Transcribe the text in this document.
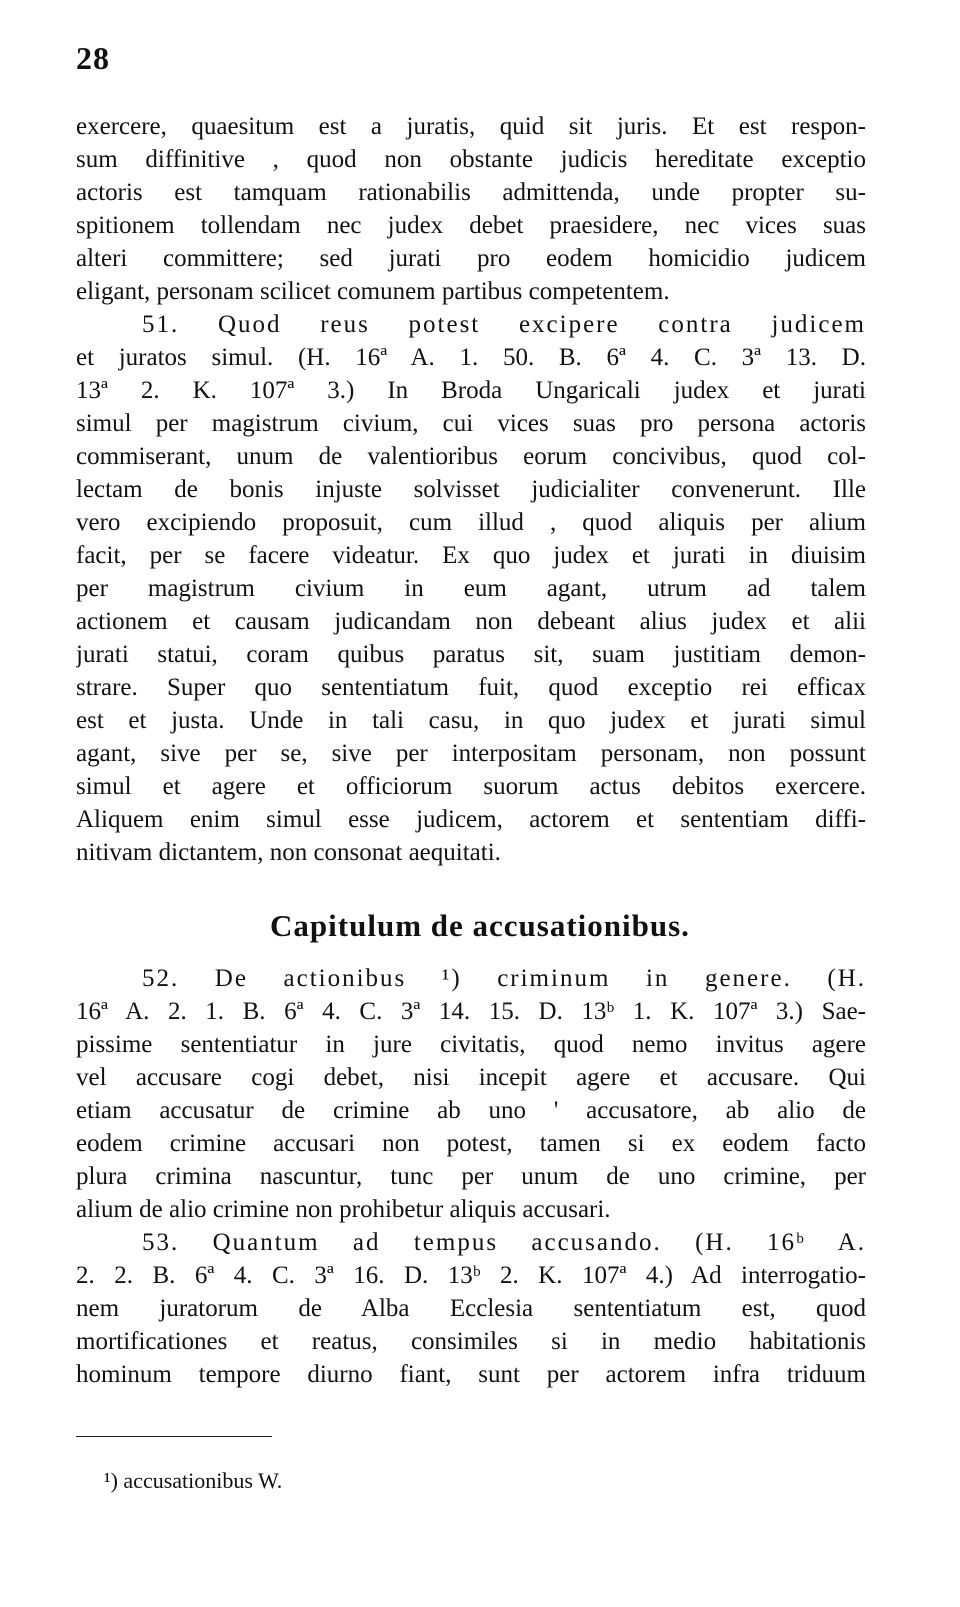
28
exercere, quaesitum est a juratis, quid sit juris. Et est respon-
sum diffinitive , quod non obstante judicis hereditate exceptio
actoris est tamquam rationabilis admittenda, unde propter su-
spitionem tollendam nec judex debet praesidere, nec vices suas
alteri committere; sed jurati pro eodem homicidio judicem
eligant, personam scilicet comunem partibus competentem.
51. Quod reus potest excipere contra judicem
et juratos simul. (H. 16ª A. 1. 50. B. 6ª 4. C. 3ª 13. D.
13ª 2. K. 107ª 3.) In Broda Ungaricali judex et jurati
simul per magistrum civium, cui vices suas pro persona actoris
commiserant, unum de valentioribus eorum concivibus, quod col-
lectam de bonis injuste solvisset judicialiter convenerunt. Ille
vero excipiendo proposuit, cum illud , quod aliquis per alium
facit, per se facere videatur. Ex quo judex et jurati in diuisim
per magistrum civium in eum agant, utrum ad talem
actionem et causam judicandam non debeant alius judex et alii
jurati statui, coram quibus paratus sit, suam justitiam demon-
strare. Super quo sententiatum fuit, quod exceptio rei efficax
est et justa. Unde in tali casu, in quo judex et jurati simul
agant, sive per se, sive per interpositam personam, non possunt
simul et agere et officiorum suorum actus debitos exercere.
Aliquem enim simul esse judicem, actorem et sententiam diffi-
nitivam dictantem, non consonat aequitati.
Capitulum de accusationibus.
52. De actionibus ¹) criminum in genere. (H.
16ª A. 2. 1. B. 6ª 4. C. 3ª 14. 15. D. 13ᵇ 1. K. 107ª 3.) Sae-
pissime sententiatur in jure civitatis, quod nemo invitus agere
vel accusare cogi debet, nisi incepit agere et accusare. Qui
etiam accusatur de crimine ab uno ' accusatore, ab alio de
eodem crimine accusari non potest, tamen si ex eodem facto
plura crimina nascuntur, tunc per unum de uno crimine, per
alium de alio crimine non prohibetur aliquis accusari.
53. Quantum ad tempus accusando. (H. 16ᵇ A.
2. 2. B. 6ª 4. C. 3ª 16. D. 13ᵇ 2. K. 107ª 4.) Ad interrogatio-
nem juratorum de Alba Ecclesia sententiatum est, quod
mortificationes et reatus, consimiles si in medio habitationis
hominum tempore diurno fiant, sunt per actorem infra triduum
¹) accusationibus W.
